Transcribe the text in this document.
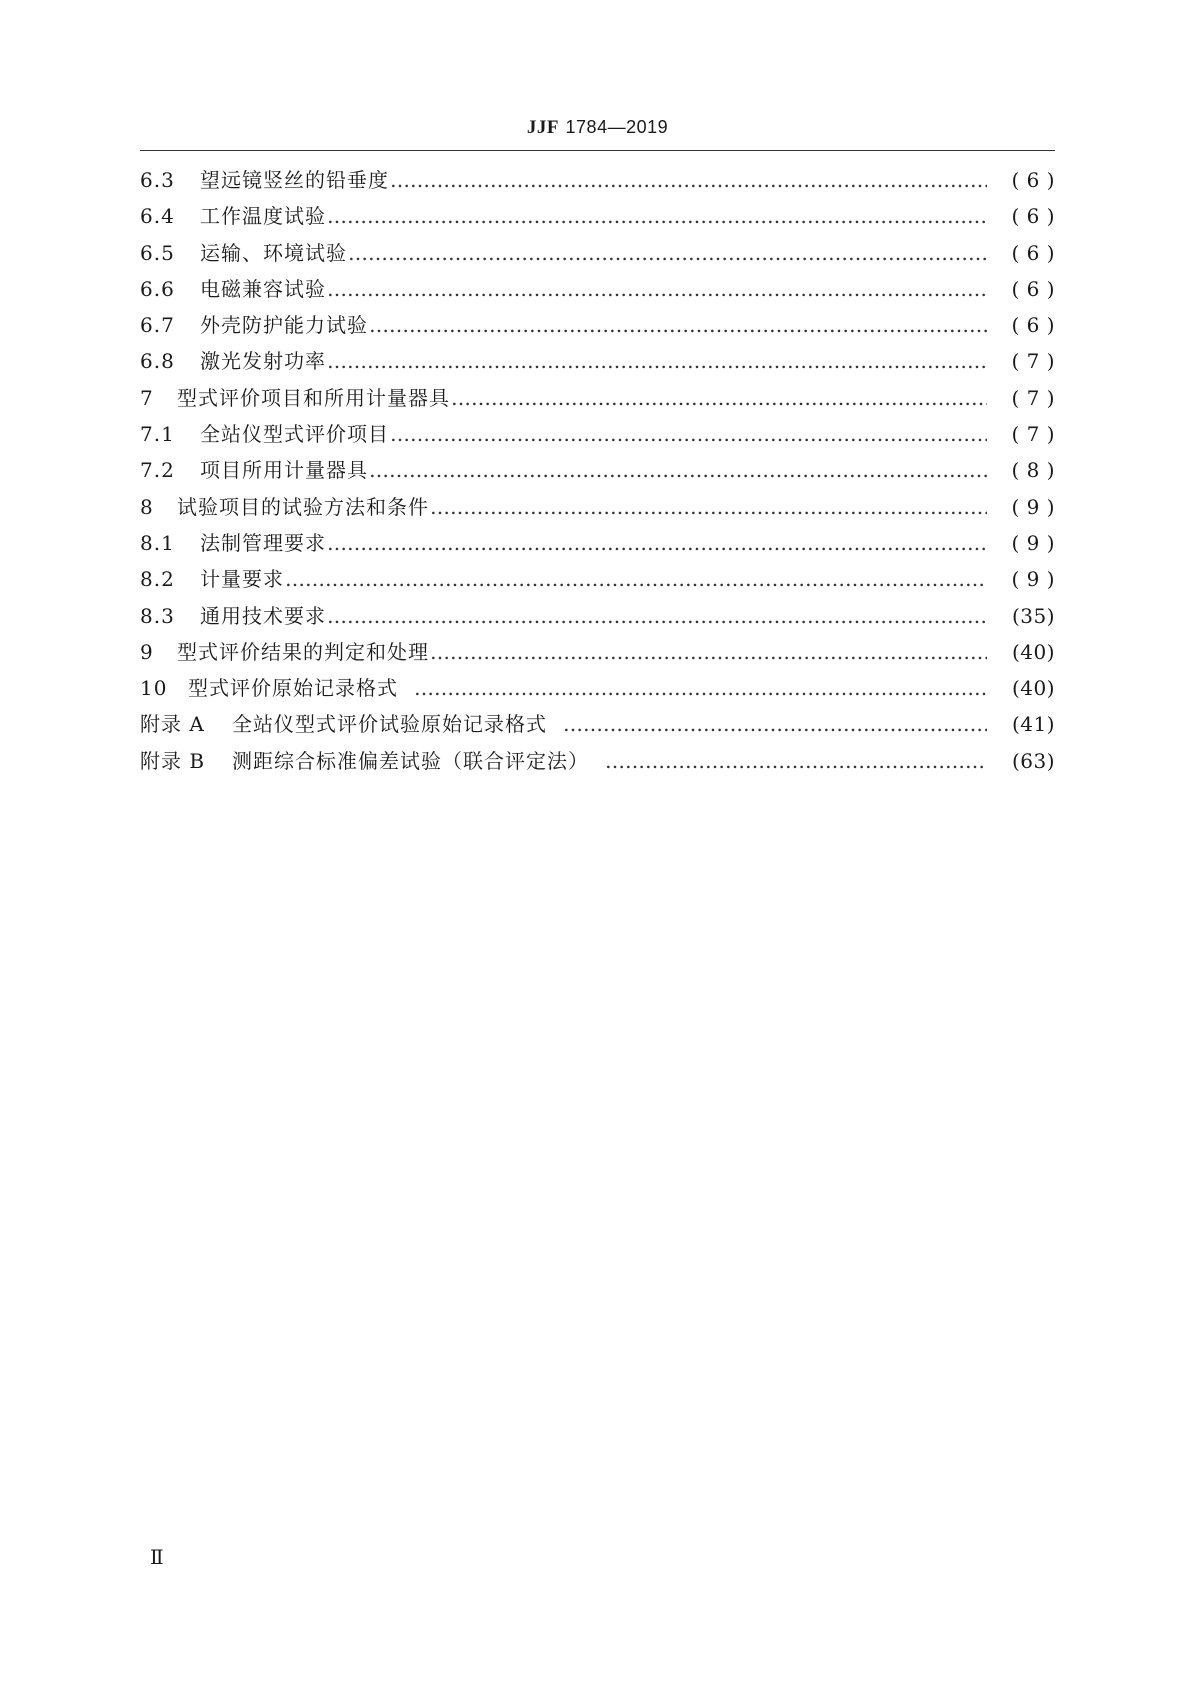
JJF 1784—2019
6.3	望远镜竖丝的铅垂度 ………………………………………………………………………………………………………………………………………………………………………………	( 6 )
6.4	工作温度试验 ………………………………………………………………………………………………………………………………………………………………………………	( 6 )
6.5	运输、环境试验 ………………………………………………………………………………………………………………………………………………………………………………	( 6 )
6.6	电磁兼容试验 ………………………………………………………………………………………………………………………………………………………………………………	( 6 )
6.7	外壳防护能力试验 ………………………………………………………………………………………………………………………………………………………………………………	( 6 )
6.8	激光发射功率 ………………………………………………………………………………………………………………………………………………………………………………	( 7 )
7	型式评价项目和所用计量器具 ………………………………………………………………………………………………………………………………………………………………………………	( 7 )
7.1	全站仪型式评价项目 ………………………………………………………………………………………………………………………………………………………………………………	( 7 )
7.2	项目所用计量器具 ………………………………………………………………………………………………………………………………………………………………………………	( 8 )
8	试验项目的试验方法和条件 ………………………………………………………………………………………………………………………………………………………………………………	( 9 )
8.1	法制管理要求 ………………………………………………………………………………………………………………………………………………………………………………	( 9 )
8.2	计量要求 ………………………………………………………………………………………………………………………………………………………………………………	( 9 )
8.3	通用技术要求 ………………………………………………………………………………………………………………………………………………………………………………	(35)
9	型式评价结果的判定和处理 ………………………………………………………………………………………………………………………………………………………………………………	(40)
10	型式评价原始记录格式 ………………………………………………………………………………………………………………………………………………………………………………	(40)
附录 A	全站仪型式评价试验原始记录格式 ………………………………………………………………………………………………………………………………………………………………………………	(41)
附录 B	测距综合标准偏差试验（联合评定法） ………………………………………………………………………………………………………………………………………………………………………………	(63)
Ⅱ
